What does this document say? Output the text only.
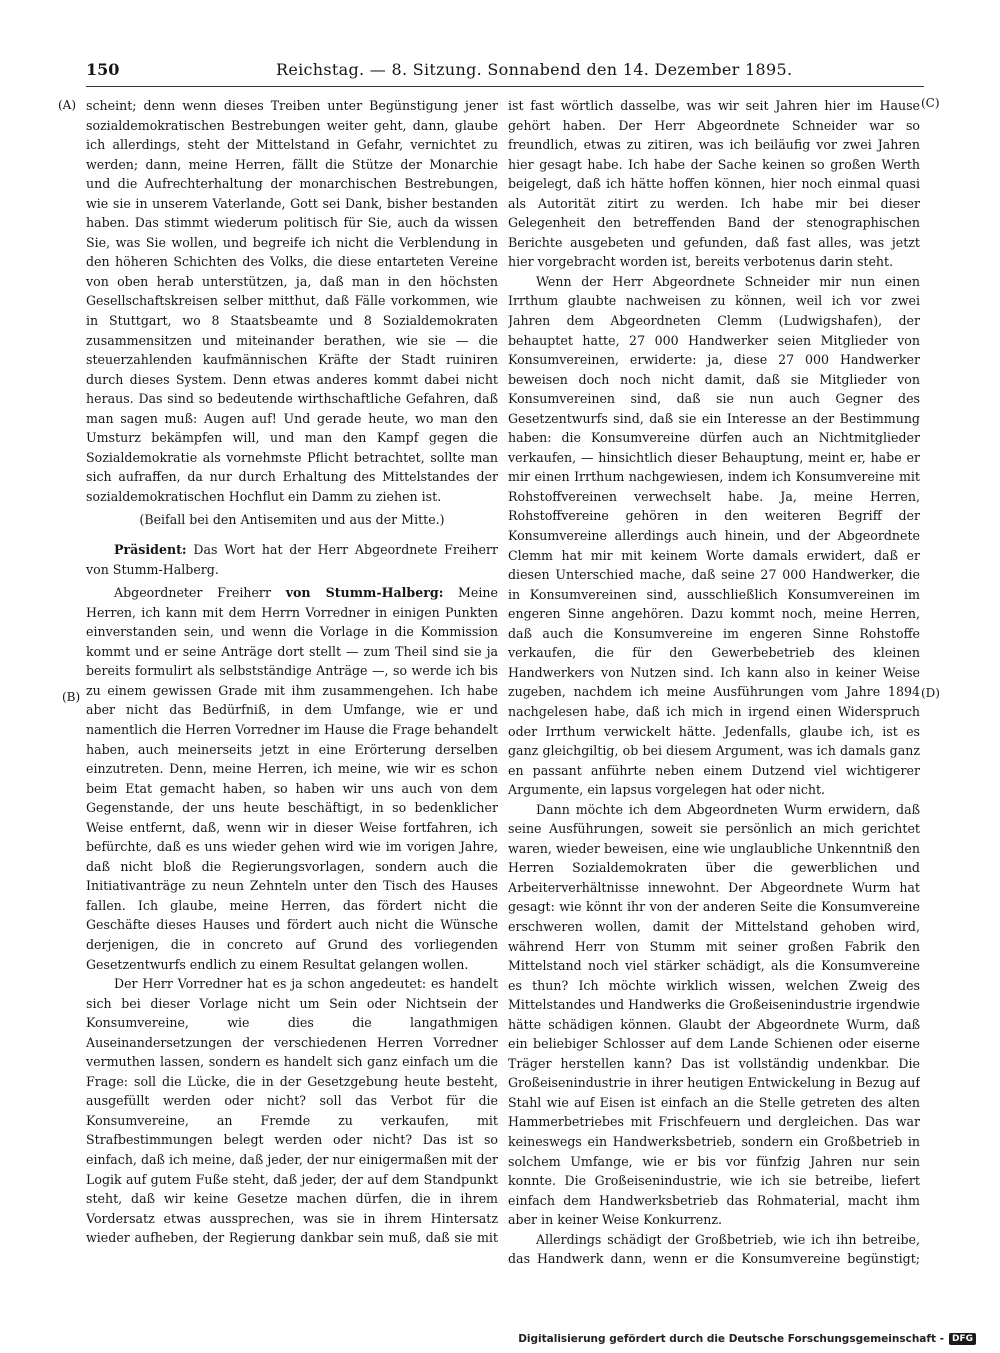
150	Reichstag. — 8. Sitzung. Sonnabend den 14. Dezember 1895.
(A)
(B)
(C)
(D)

scheint; denn wenn dieses Treiben unter Begünstigung jener sozialdemokratischen Bestrebungen weiter geht, dann, glaube ich allerdings, steht der Mittelstand in Gefahr, vernichtet zu werden; dann, meine Herren, fällt die Stütze der Monarchie und die Aufrechterhaltung der monarchischen Bestrebungen, wie sie in unserem Vaterlande, Gott sei Dank, bisher bestanden haben. Das stimmt wiederum politisch für Sie, auch da wissen Sie, was Sie wollen, und begreife ich nicht die Verblendung in den höheren Schichten des Volks, die diese entarteten Vereine von oben herab unterstützen, ja, daß man in den höchsten Gesellschaftskreisen selber mitthut, daß Fälle vorkommen, wie in Stuttgart, wo 8 Staatsbeamte und 8 Sozialdemokraten zusammensitzen und miteinander berathen, wie sie — die steuerzahlenden kaufmännischen Kräfte der Stadt ruiniren durch dieses System. Denn etwas anderes kommt dabei nicht heraus. Das sind so bedeutende wirthschaftliche Gefahren, daß man sagen muß: Augen auf! Und gerade heute, wo man den Umsturz bekämpfen will, und man den Kampf gegen die Sozialdemokratie als vornehmste Pflicht betrachtet, sollte man sich aufraffen, da nur durch Erhaltung des Mittelstandes der sozialdemokratischen Hochflut ein Damm zu ziehen ist.

(Beifall bei den Antisemiten und aus der Mitte.)

Präsident: Das Wort hat der Herr Abgeordnete Freiherr von Stumm-Halberg.

Abgeordneter Freiherr von Stumm-Halberg: Meine Herren, ich kann mit dem Herrn Vorredner in einigen Punkten einverstanden sein, und wenn die Vorlage in die Kommission kommt und er seine Anträge dort stellt — zum Theil sind sie ja bereits formulirt als selbstständige Anträge —, so werde ich bis zu einem gewissen Grade mit ihm zusammengehen. Ich habe aber nicht das Bedürfniß, in dem Umfange, wie er und namentlich die Herren Vorredner im Hause die Frage behandelt haben, auch meinerseits jetzt in eine Erörterung derselben einzutreten. Denn, meine Herren, ich meine, wie wir es schon beim Etat gemacht haben, so haben wir uns auch von dem Gegenstande, der uns heute beschäftigt, in so bedenklicher Weise entfernt, daß, wenn wir in dieser Weise fortfahren, ich befürchte, daß es uns wieder gehen wird wie im vorigen Jahre, daß nicht bloß die Regierungsvorlagen, sondern auch die Initiativanträge zu neun Zehnteln unter den Tisch des Hauses fallen. Ich glaube, meine Herren, das fördert nicht die Geschäfte dieses Hauses und fördert auch nicht die Wünsche derjenigen, die in concreto auf Grund des vorliegenden Gesetzentwurfs endlich zu einem Resultat gelangen wollen.

Der Herr Vorredner hat es ja schon angedeutet: es handelt sich bei dieser Vorlage nicht um Sein oder Nichtsein der Konsumvereine, wie dies die langathmigen Auseinandersetzungen der verschiedenen Herren Vorredner vermuthen lassen, sondern es handelt sich ganz einfach um die Frage: soll die Lücke, die in der Gesetzgebung heute besteht, ausgefüllt werden oder nicht? soll das Verbot für die Konsumvereine, an Fremde zu verkaufen, mit Strafbestimmungen belegt werden oder nicht? Das ist so einfach, daß ich meine, daß jeder, der nur einigermaßen mit der Logik auf gutem Fuße steht, daß jeder, der auf dem Standpunkt steht, daß wir keine Gesetze machen dürfen, die in ihrem Vordersatz etwas aussprechen, was sie in ihrem Hintersatz wieder aufheben, der Regierung dankbar sein muß, daß sie mit

ist fast wörtlich dasselbe, was wir seit Jahren hier im Hause gehört haben. Der Herr Abgeordnete Schneider war so freundlich, etwas zu zitiren, was ich beiläufig vor zwei Jahren hier gesagt habe. Ich habe der Sache keinen so großen Werth beigelegt, daß ich hätte hoffen können, hier noch einmal quasi als Autorität zitirt zu werden. Ich habe mir bei dieser Gelegenheit den betreffenden Band der stenographischen Berichte ausgebeten und gefunden, daß fast alles, was jetzt hier vorgebracht worden ist, bereits verbotenus darin steht.

Wenn der Herr Abgeordnete Schneider mir nun einen Irrthum glaubte nachweisen zu können, weil ich vor zwei Jahren dem Abgeordneten Clemm (Ludwigshafen), der behauptet hatte, 27 000 Handwerker seien Mitglieder von Konsumvereinen, erwiderte: ja, diese 27 000 Handwerker beweisen doch noch nicht damit, daß sie Mitglieder von Konsumvereinen sind, daß sie nun auch Gegner des Gesetzentwurfs sind, daß sie ein Interesse an der Bestimmung haben: die Konsumvereine dürfen auch an Nichtmitglieder verkaufen, — hinsichtlich dieser Behauptung, meint er, habe er mir einen Irrthum nachgewiesen, indem ich Konsumvereine mit Rohstoffvereinen verwechselt habe. Ja, meine Herren, Rohstoffvereine gehören in den weiteren Begriff der Konsumvereine allerdings auch hinein, und der Abgeordnete Clemm hat mir mit keinem Worte damals erwidert, daß er diesen Unterschied mache, daß seine 27 000 Handwerker, die in Konsumvereinen sind, ausschließlich Konsumvereinen im engeren Sinne angehören. Dazu kommt noch, meine Herren, daß auch die Konsumvereine im engeren Sinne Rohstoffe verkaufen, die für den Gewerbebetrieb des kleinen Handwerkers von Nutzen sind. Ich kann also in keiner Weise zugeben, nachdem ich meine Ausführungen vom Jahre 1894 nachgelesen habe, daß ich mich in irgend einen Widerspruch oder Irrthum verwickelt hätte. Jedenfalls, glaube ich, ist es ganz gleichgiltig, ob bei diesem Argument, was ich damals ganz en passant anführte neben einem Dutzend viel wichtigerer Argumente, ein lapsus vorgelegen hat oder nicht.

Dann möchte ich dem Abgeordneten Wurm erwidern, daß seine Ausführungen, soweit sie persönlich an mich gerichtet waren, wieder beweisen, eine wie unglaubliche Unkenntniß den Herren Sozialdemokraten über die gewerblichen und Arbeiterverhältnisse innewohnt. Der Abgeordnete Wurm hat gesagt: wie könnt ihr von der anderen Seite die Konsumvereine erschweren wollen, damit der Mittelstand gehoben wird, während Herr von Stumm mit seiner großen Fabrik den Mittelstand noch viel stärker schädigt, als die Konsumvereine es thun? Ich möchte wirklich wissen, welchen Zweig des Mittelstandes und Handwerks die Großeisenindustrie irgendwie hätte schädigen können. Glaubt der Abgeordnete Wurm, daß ein beliebiger Schlosser auf dem Lande Schienen oder eiserne Träger herstellen kann? Das ist vollständig undenkbar. Die Großeisenindustrie in ihrer heutigen Entwickelung in Bezug auf Stahl wie auf Eisen ist einfach an die Stelle getreten des alten Hammerbetriebes mit Frischfeuern und dergleichen. Das war keineswegs ein Handwerksbetrieb, sondern ein Großbetrieb in solchem Umfange, wie er bis vor fünfzig Jahren nur sein konnte. Die Großeisenindustrie, wie ich sie betreibe, liefert einfach dem Handwerksbetrieb das Rohmaterial, macht ihm aber in keiner Weise Konkurrenz.

Allerdings schädigt der Großbetrieb, wie ich ihn betreibe, das Handwerk dann, wenn er die Konsumvereine begünstigt;

Digitalisierung gefördert durch die Deutsche Forschungsgemeinschaft - DFG
